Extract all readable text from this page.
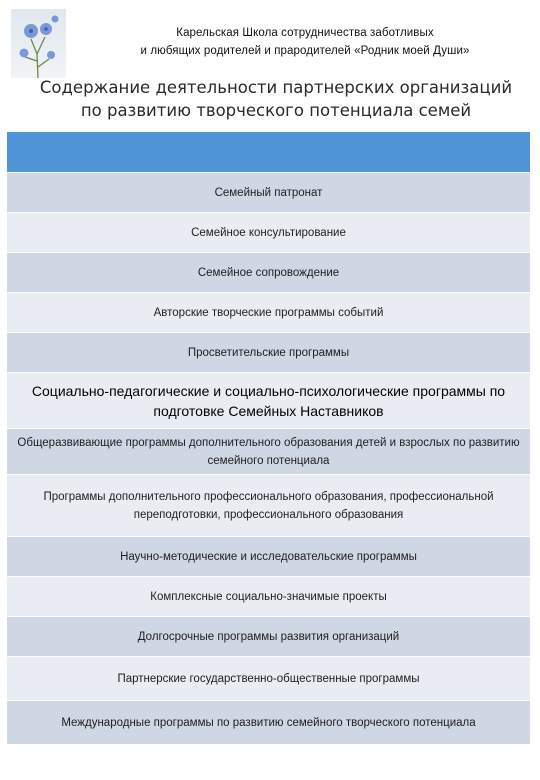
Карельская Школа сотрудничества заботливых
и любящих родителей и прародителей «Родник моей Души»
Содержание деятельности партнерских организаций
по развитию творческого потенциала семей
Семейный патронат
Семейное консультирование
Семейное сопровождение
Авторские творческие программы событий
Просветительские программы
Социально-педагогические и социально-психологические программы по подготовке Семейных Наставников
Общеразвивающие программы дополнительного образования детей и взрослых по развитию семейного потенциала
Программы дополнительного профессионального образования, профессиональной переподготовки, профессионального образования
Научно-методические и исследовательские программы
Комплексные социально-значимые проекты
Долгосрочные программы развития организаций
Партнерские государственно-общественные программы
Международные программы по развитию семейного творческого потенциала
